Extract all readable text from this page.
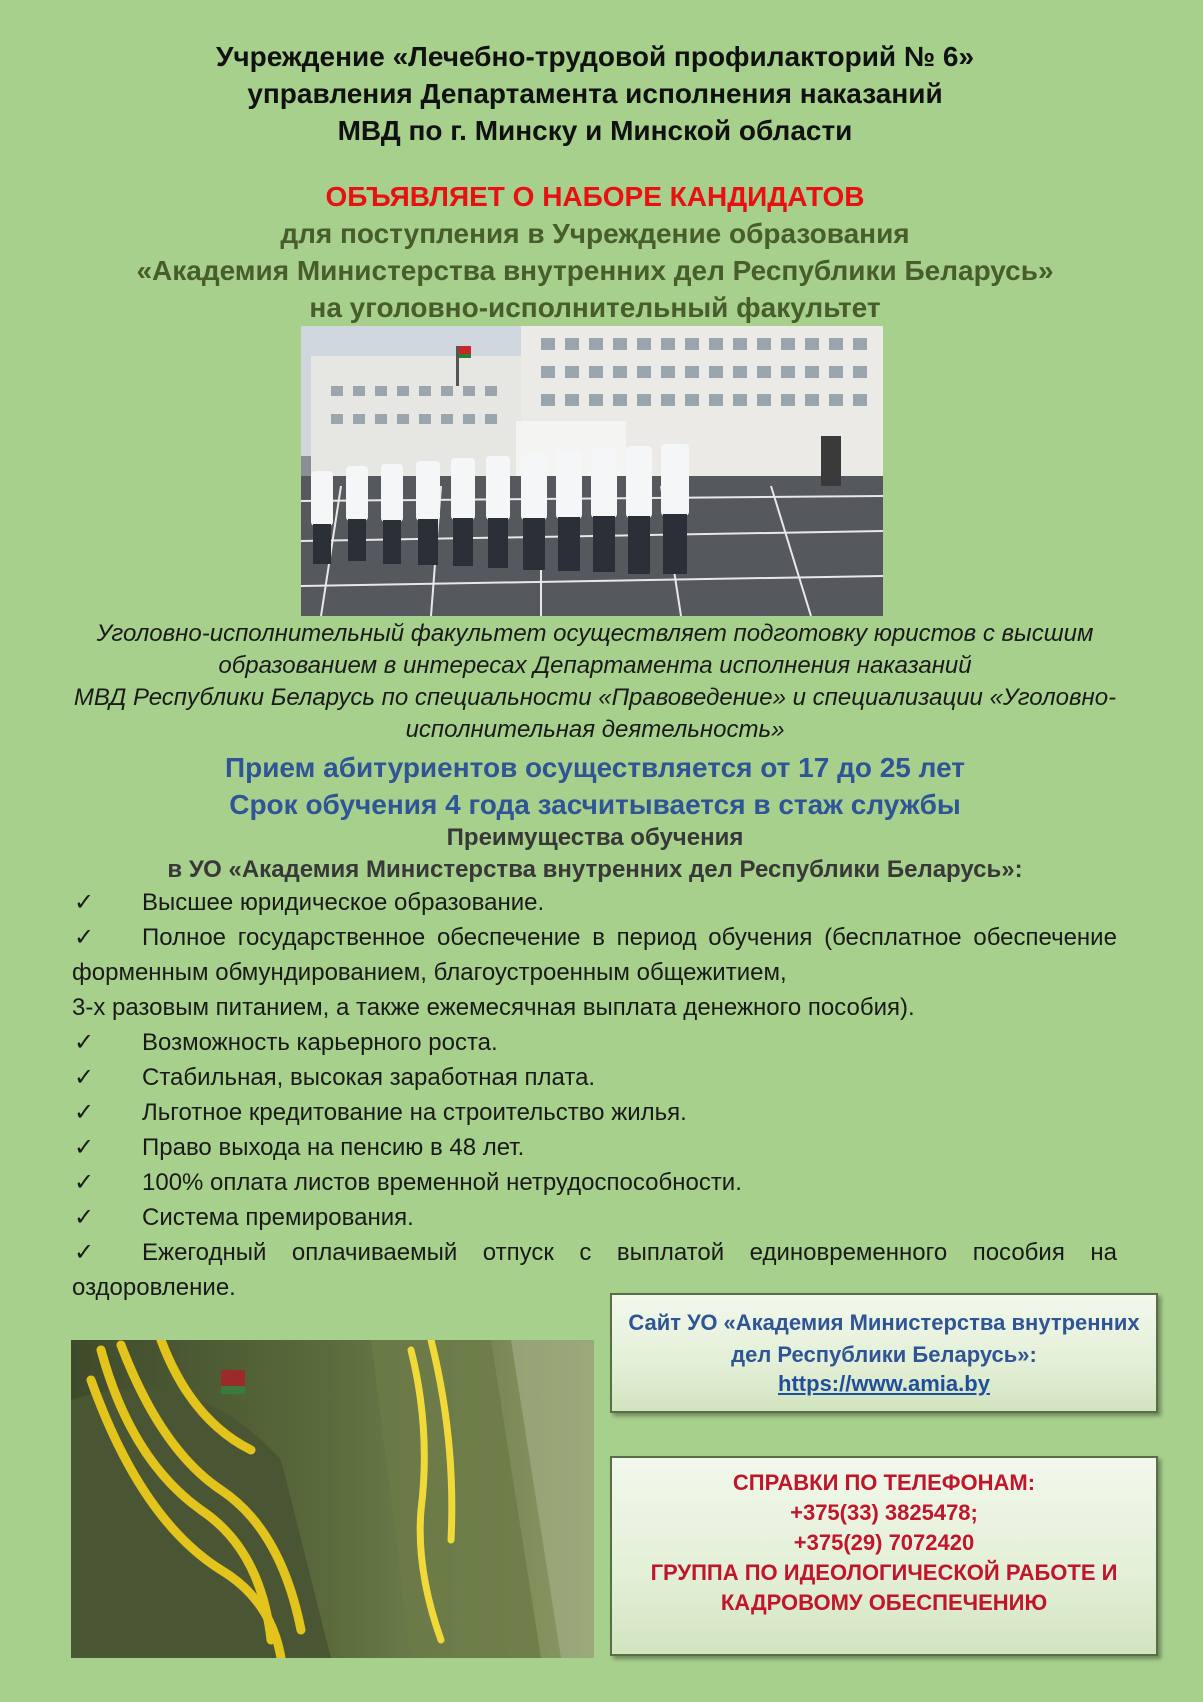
Учреждение «Лечебно-трудовой профилакторий № 6»
управления Департамента исполнения наказаний
МВД по г. Минску и Минской области
ОБЪЯВЛЯЕТ О НАБОРЕ КАНДИДАТОВ
для поступления в Учреждение образования
«Академия Министерства внутренних дел Республики Беларусь»
на уголовно-исполнительный факультет
Уголовно-исполнительный факультет осуществляет подготовку юристов с высшим
образованием в интересах Департамента исполнения наказаний
МВД Республики Беларусь по специальности «Правоведение» и специализации «Уголовно-
исполнительная деятельность»
Прием абитуриентов осуществляется от 17 до 25 лет
Срок обучения 4 года засчитывается в стаж службы
Преимущества обучения
в УО «Академия Министерства внутренних дел Республики Беларусь»:
✓ Высшее юридическое образование.
✓ Полное государственное обеспечение в период обучения (бесплатное обеспечение
форменным обмундированием, благоустроенным общежитием,
3-х разовым питанием, а также ежемесячная выплата денежного пособия).
✓ Возможность карьерного роста.
✓ Стабильная, высокая заработная плата.
✓ Льготное кредитование на строительство жилья.
✓ Право выхода на пенсию в 48 лет.
✓ 100% оплата листов временной нетрудоспособности.
✓ Система премирования.
✓ Ежегодный оплачиваемый отпуск с выплатой единовременного пособия на
оздоровление.
Сайт УО «Академия Министерства внутренних
дел Республики Беларусь»:
https://www.amia.by
СПРАВКИ ПО ТЕЛЕФОНАМ:
+375(33) 3825478;
+375(29) 7072420
ГРУППА ПО ИДЕОЛОГИЧЕСКОЙ РАБОТЕ И
КАДРОВОМУ ОБЕСПЕЧЕНИЮ
